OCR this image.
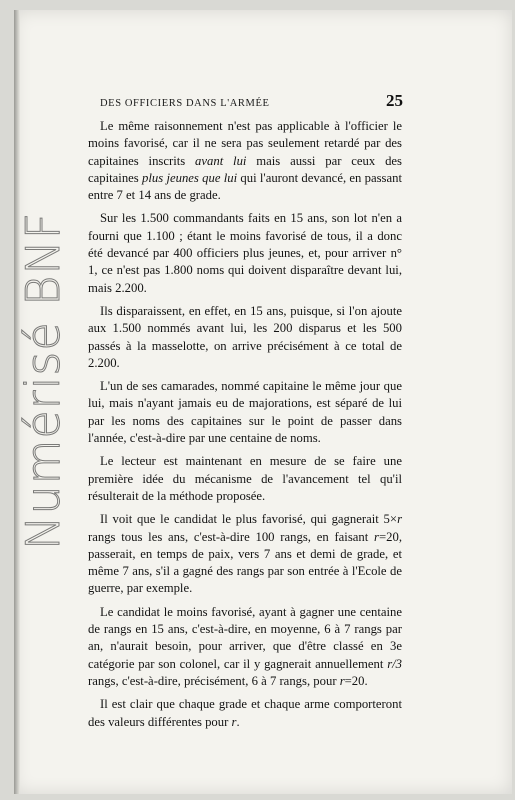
Numérisé BNF
DES OFFICIERS DANS L'ARMÉE	25

Le même raisonnement n'est pas applicable à l'officier le moins favorisé, car il ne sera pas seulement retardé par des capitaines inscrits avant lui mais aussi par ceux des capitaines plus jeunes que lui qui l'auront devancé, en passant entre 7 et 14 ans de grade.

Sur les 1.500 commandants faits en 15 ans, son lot n'en a fourni que 1.100 ; étant le moins favorisé de tous, il a donc été devancé par 400 officiers plus jeunes, et, pour arriver n° 1, ce n'est pas 1.800 noms qui doivent disparaître devant lui, mais 2.200.

Ils disparaissent, en effet, en 15 ans, puisque, si l'on ajoute aux 1.500 nommés avant lui, les 200 disparus et les 500 passés à la masselotte, on arrive précisément à ce total de 2.200.

L'un de ses camarades, nommé capitaine le même jour que lui, mais n'ayant jamais eu de majorations, est séparé de lui par les noms des capitaines sur le point de passer dans l'année, c'est-à-dire par une centaine de noms.

Le lecteur est maintenant en mesure de se faire une première idée du mécanisme de l'avancement tel qu'il résulterait de la méthode proposée.

Il voit que le candidat le plus favorisé, qui gagnerait 5×r rangs tous les ans, c'est-à-dire 100 rangs, en faisant r=20, passerait, en temps de paix, vers 7 ans et demi de grade, et même 7 ans, s'il a gagné des rangs par son entrée à l'Ecole de guerre, par exemple.

Le candidat le moins favorisé, ayant à gagner une centaine de rangs en 15 ans, c'est-à-dire, en moyenne, 6 à 7 rangs par an, n'aurait besoin, pour arriver, que d'être classé en 3e catégorie par son colonel, car il y gagnerait annuellement r/3 rangs, c'est-à-dire, précisément, 6 à 7 rangs, pour r=20.

Il est clair que chaque grade et chaque arme comporteront des valeurs différentes pour r.
